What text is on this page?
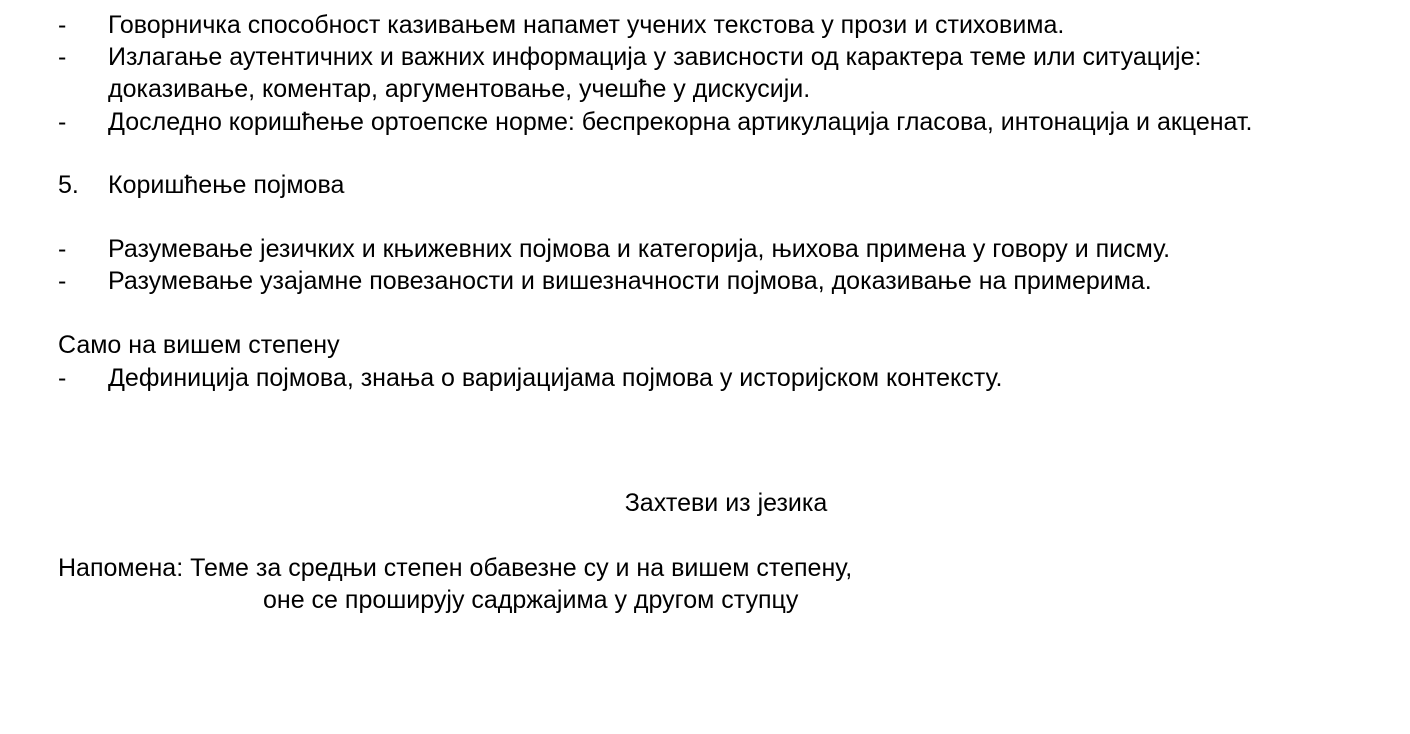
- Говорничка способност казивањем напамет учених текстова у прози и стиховима.
- Излагање аутентичних и важних информација у зависности од карактера теме или ситуације:
доказивање, коментар, аргументовање, учешће у дискусији.
- Доследно коришћење ортоепске норме: беспрекорна артикулација гласова, интонација и акценат.
5. Коришћење појмова
- Разумевање језичких и књижевних појмова и категорија, њихова примена у говору и писму.
- Разумевање узајамне повезаности и вишезначности појмова, доказивање на примерима.
Само на вишем степену
- Дефиниција појмова, знања о варијацијама појмова у историјском контексту.
Захтеви из језика
Напомена: Теме за средњи степен обавезне су и на вишем степену,
оне се проширују садржајима у другом ступцу
